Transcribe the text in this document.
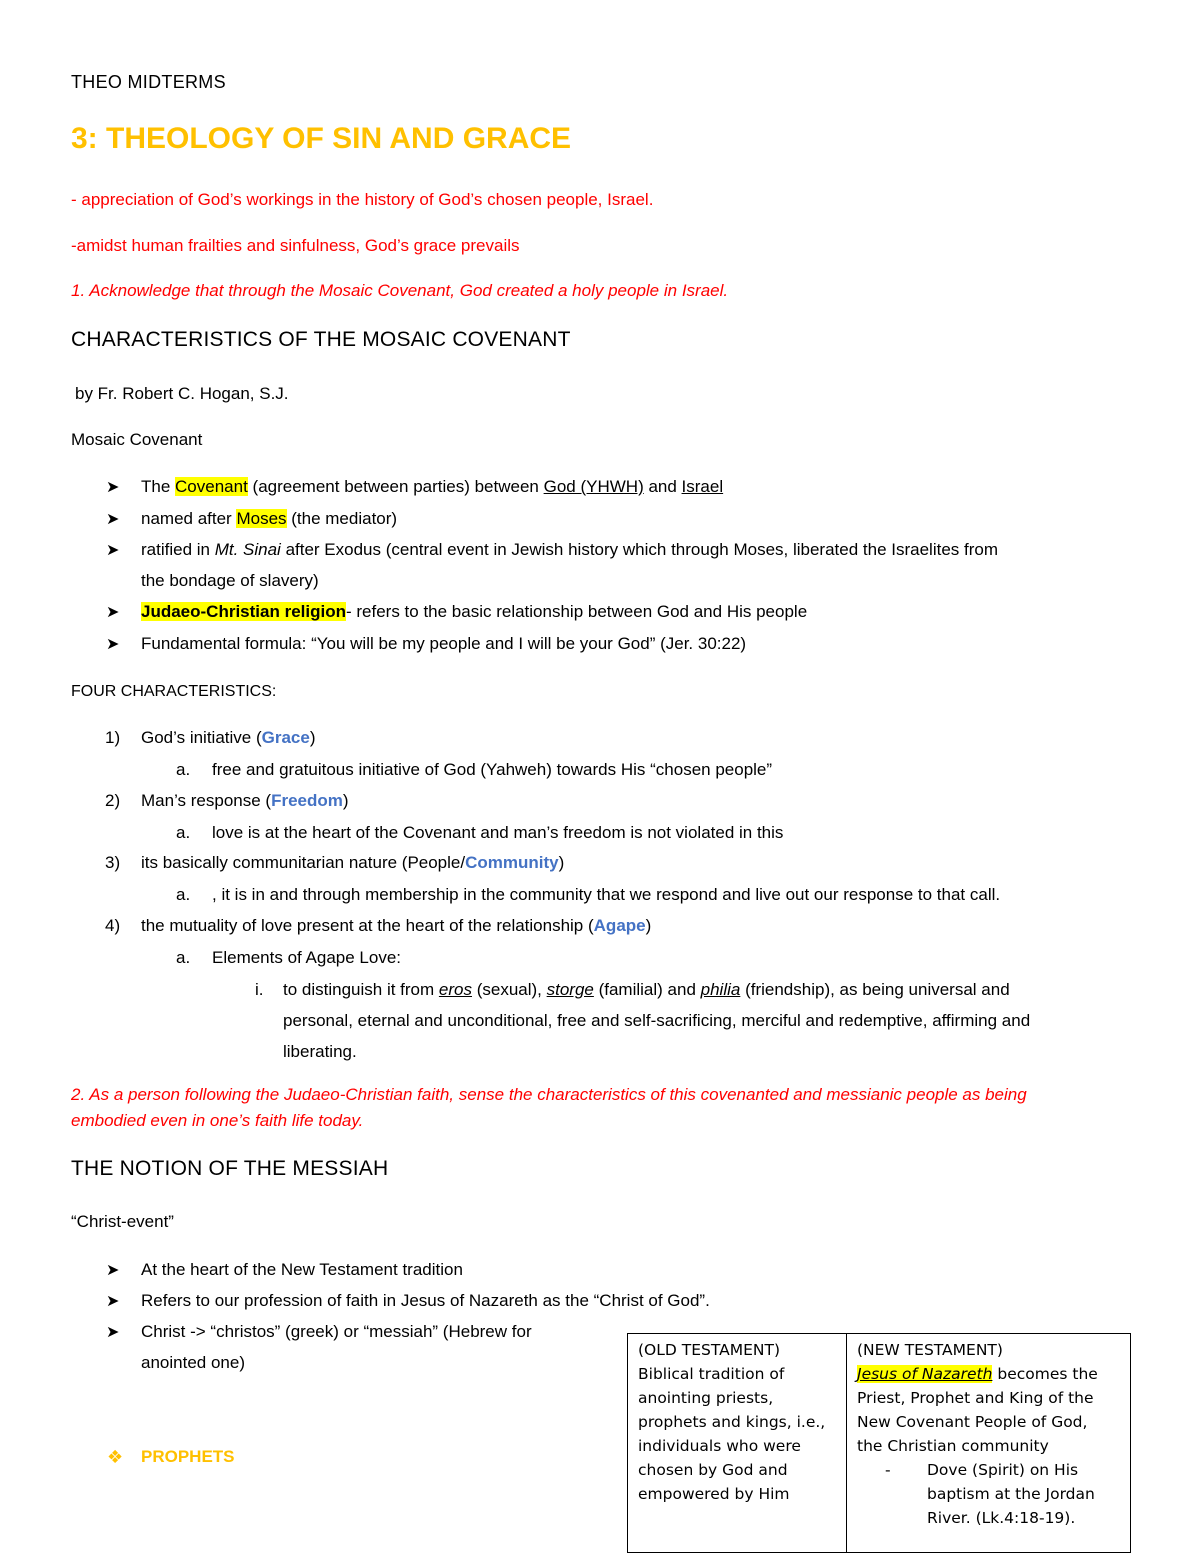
THEO MIDTERMS
3: THEOLOGY OF SIN AND GRACE
- appreciation of God’s workings in the history of God’s chosen people, Israel.
-amidst human frailties and sinfulness, God’s grace prevails
1. Acknowledge that through the Mosaic Covenant, God created a holy people in Israel.
CHARACTERISTICS OF THE MOSAIC COVENANT
by Fr. Robert C. Hogan, S.J.
Mosaic Covenant
➤ The Covenant (agreement between parties) between God (YHWH) and Israel
➤ named after Moses (the mediator)
➤ ratified in Mt. Sinai after Exodus (central event in Jewish history which through Moses, liberated the Israelites from
the bondage of slavery)
➤ Judaeo-Christian religion- refers to the basic relationship between God and His people
➤ Fundamental formula: “You will be my people and I will be your God” (Jer. 30:22)
FOUR CHARACTERISTICS:
1) God’s initiative (Grace)
a. free and gratuitous initiative of God (Yahweh) towards His “chosen people”
2) Man’s response (Freedom)
a. love is at the heart of the Covenant and man’s freedom is not violated in this
3) its basically communitarian nature (People/Community)
a. , it is in and through membership in the community that we respond and live out our response to that call.
4) the mutuality of love present at the heart of the relationship (Agape)
a. Elements of Agape Love:
i. to distinguish it from eros (sexual), storge (familial) and philia (friendship), as being universal and
personal, eternal and unconditional, free and self-sacrificing, merciful and redemptive, affirming and
liberating.
2. As a person following the Judaeo-Christian faith, sense the characteristics of this covenanted and messianic people as being
embodied even in one’s faith life today.
THE NOTION OF THE MESSIAH
“Christ-event”
➤ At the heart of the New Testament tradition
➤ Refers to our profession of faith in Jesus of Nazareth as the “Christ of God”.
➤ Christ -> “christos” (greek) or “messiah” (Hebrew for
anointed one)
❖ PROPHETS
(OLD TESTAMENT)
Biblical tradition of
anointing priests,
prophets and kings, i.e.,
individuals who were
chosen by God and
empowered by Him

(NEW TESTAMENT)
Jesus of Nazareth becomes the
Priest, Prophet and King of the
New Covenant People of God,
the Christian community
-	Dove (Spirit) on His
baptism at the Jordan
River. (Lk.4:18-19).
